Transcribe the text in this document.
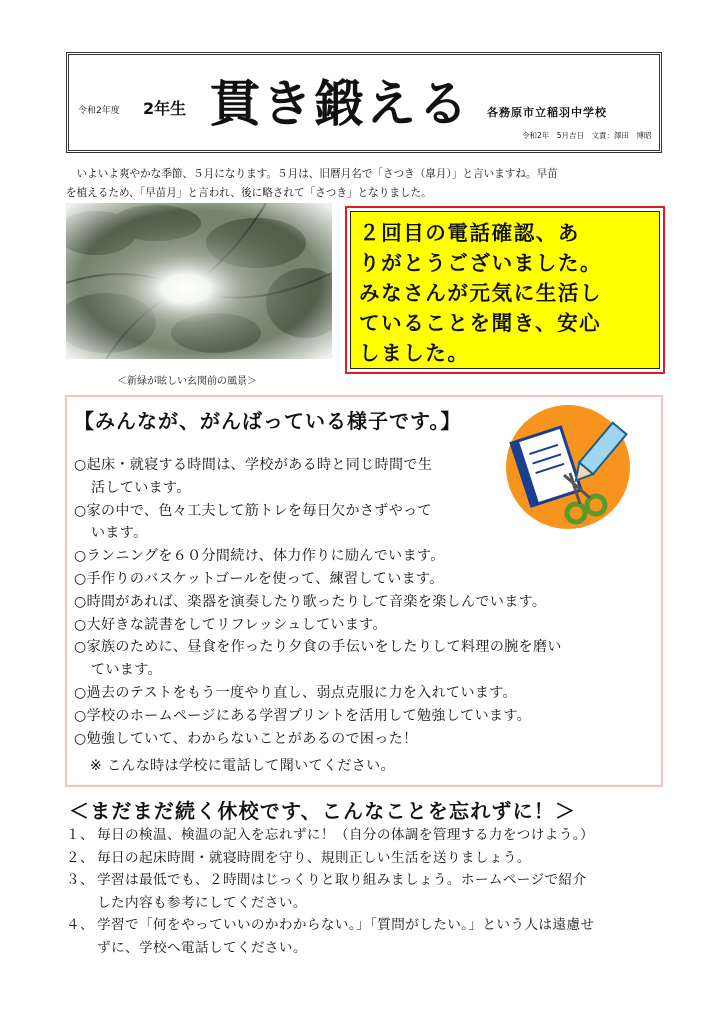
令和2年度 2年生 貫き鍛える 各務原市立稲羽中学校
令和2年　5月吉日　文責：澤田　博昭
　いよいよ爽やかな季節、５月になります。５月は、旧暦月名で「さつき（皐月）」と言いますね。早苗
を植えるため、「早苗月」と言われ、後に略されて「さつき」となりました。
＜新緑が眩しい玄関前の風景＞
２回目の電話確認、あ
りがとうございました。
みなさんが元気に生活し
ていることを聞き、安心
しました。
【みんなが、がんばっている様子です。】
○起床・就寝する時間は、学校がある時と同じ時間で生
活しています。
○家の中で、色々工夫して筋トレを毎日欠かさずやって
います。
○ランニングを６０分間続け、体力作りに励んでいます。
○手作りのバスケットゴールを使って、練習しています。
○時間があれば、楽器を演奏したり歌ったりして音楽を楽しんでいます。
○大好きな読書をしてリフレッシュしています。
○家族のために、昼食を作ったり夕食の手伝いをしたりして料理の腕を磨い
ています。
○過去のテストをもう一度やり直し、弱点克服に力を入れています。
○学校のホームページにある学習プリントを活用して勉強しています。
○勉強していて、わからないことがあるので困った！
※ こんな時は学校に電話して聞いてください。
＜まだまだ続く休校です、こんなことを忘れずに！＞
１、 毎日の検温、検温の記入を忘れずに！（自分の体調を管理する力をつけよう。）
２、 毎日の起床時間・就寝時間を守り、規則正しい生活を送りましょう。
３、 学習は最低でも、２時間はじっくりと取り組みましょう。ホームページで紹介
した内容も参考にしてください。
４、 学習で「何をやっていいのかわからない。」「質問がしたい。」という人は遠慮せ
ずに、学校へ電話してください。
